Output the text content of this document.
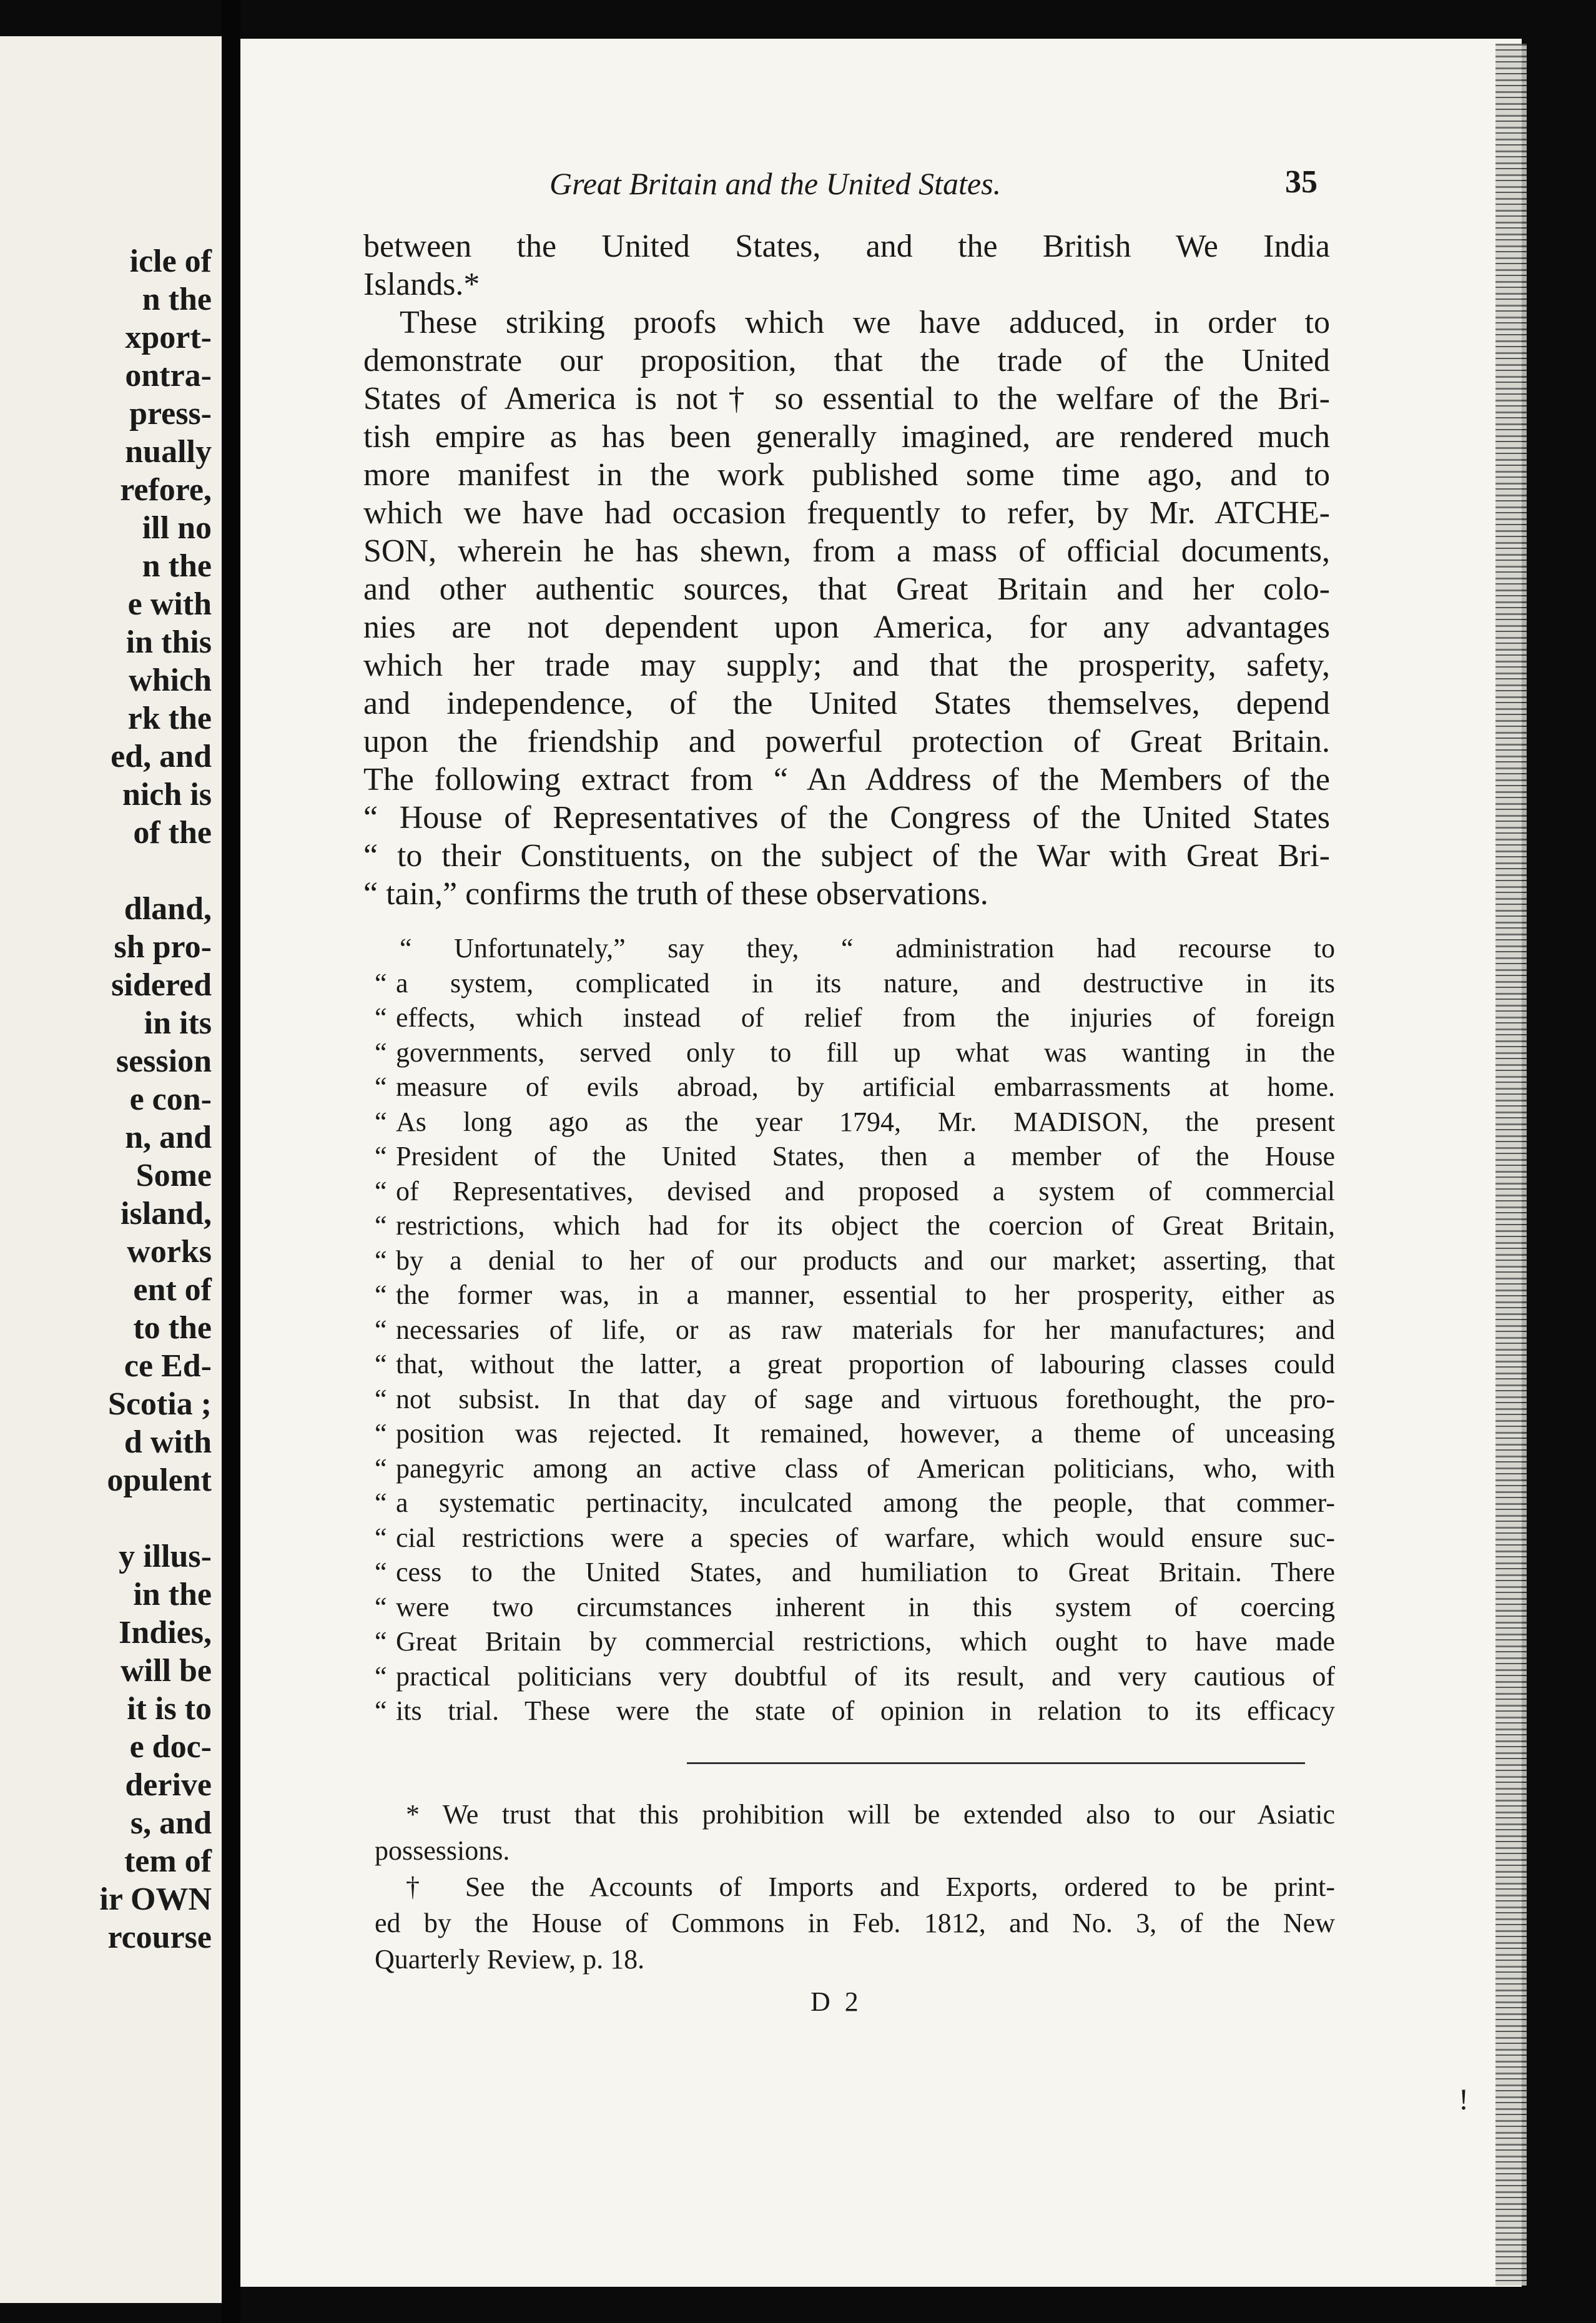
icle of
n the
xport-
ontra-
press-
nually
refore,
ill no
n the
e with
in this
which
rk the
ed, and
nich is
of the
dland,
sh pro-
sidered
in its
session
e con-
n, and
Some
island,
works
ent of
to the
ce Ed-
Scotia ;
d with
opulent
y illus-
in the
Indies,
will be
it is to
e doc-
derive
s, and
tem of
ir OWN
rcourse
Great Britain and the United States.	35
between the United States, and the British We India
Islands.*
These striking proofs which we have adduced, in order to
demonstrate our proposition, that the trade of the United
States of America is not† so essential to the welfare of the Bri-
tish empire as has been generally imagined, are rendered much
more manifest in the work published some time ago, and to
which we have had occasion frequently to refer, by Mr. ATCHE-
SON, wherein he has shewn, from a mass of official documents,
and other authentic sources, that Great Britain and her colo-
nies are not dependent upon America, for any advantages
which her trade may supply; and that the prosperity, safety,
and independence, of the United States themselves, depend
upon the friendship and powerful protection of Great Britain.
The following extract from “ An Address of the Members of the
“ House of Representatives of the Congress of the United States
“ to their Constituents, on the subject of the War with Great Bri-
“ tain,” confirms the truth of these observations.
“ Unfortunately,” say they, “ administration had recourse to
“ a system, complicated in its nature, and destructive in its
“ effects, which instead of relief from the injuries of foreign
“ governments, served only to fill up what was wanting in the
“ measure of evils abroad, by artificial embarrassments at home.
“ As long ago as the year 1794, Mr. MADISON, the present
“ President of the United States, then a member of the House
“ of Representatives, devised and proposed a system of commercial
“ restrictions, which had for its object the coercion of Great Britain,
“ by a denial to her of our products and our market; asserting, that
“ the former was, in a manner, essential to her prosperity, either as
“ necessaries of life, or as raw materials for her manufactures; and
“ that, without the latter, a great proportion of labouring classes could
“ not subsist. In that day of sage and virtuous forethought, the pro-
“ position was rejected. It remained, however, a theme of unceasing
“ panegyric among an active class of American politicians, who, with
“ a systematic pertinacity, inculcated among the people, that commer-
“ cial restrictions were a species of warfare, which would ensure suc-
“ cess to the United States, and humiliation to Great Britain. There
“ were two circumstances inherent in this system of coercing
“ Great Britain by commercial restrictions, which ought to have made
“ practical politicians very doubtful of its result, and very cautious of
“ its trial. These were the state of opinion in relation to its efficacy
* We trust that this prohibition will be extended also to our Asiatic
possessions.
† See the Accounts of Imports and Exports, ordered to be print-
ed by the House of Commons in Feb. 1812, and No. 3, of the New
Quarterly Review, p. 18.
D 2
!
